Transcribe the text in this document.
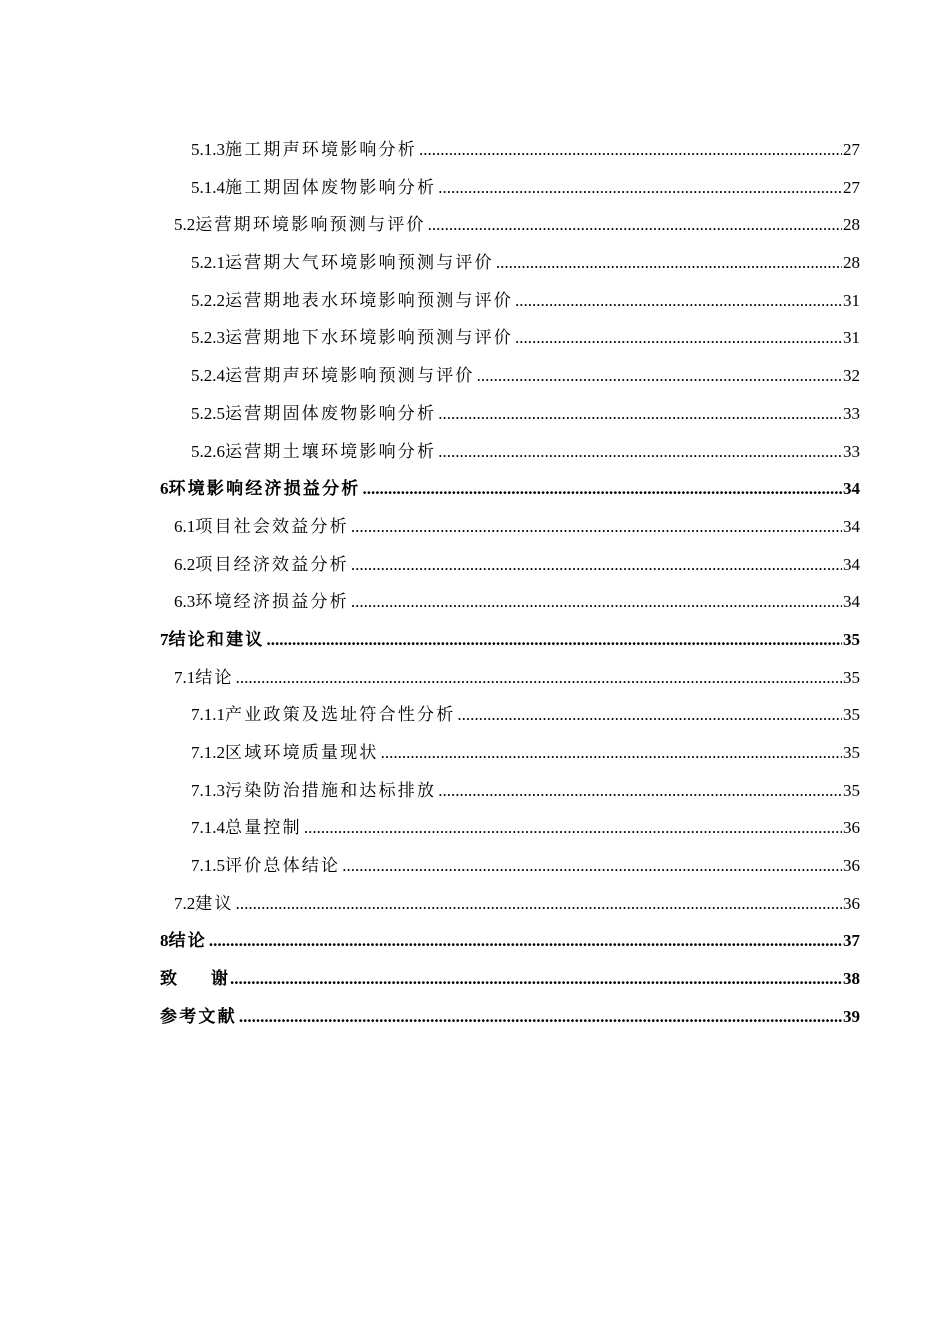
5.1.3 施工期声环境影响分析 .....	27
5.1.4 施工期固体废物影响分析 .....	27
5.2 运营期环境影响预测与评价 .....	28
5.2.1 运营期大气环境影响预测与评价 .....	28
5.2.2 运营期地表水环境影响预测与评价 .....	31
5.2.3 运营期地下水环境影响预测与评价 .....	31
5.2.4 运营期声环境影响预测与评价 .....	32
5.2.5 运营期固体废物影响分析 .....	33
5.2.6 运营期土壤环境影响分析 .....	33
6 环境影响经济损益分析 .....	34
6.1 项目社会效益分析 .....	34
6.2 项目经济效益分析 .....	34
6.3 环境经济损益分析 .....	34
7 结论和建议 .....	35
7.1 结论 .....	35
7.1.1 产业政策及选址符合性分析 .....	35
7.1.2 区域环境质量现状 .....	35
7.1.3 污染防治措施和达标排放 .....	35
7.1.4 总量控制 .....	36
7.1.5 评价总体结论 .....	36
7.2 建议 .....	36
8 结论 .....	37
致 谢 .....	38
参考文献 .....	39
